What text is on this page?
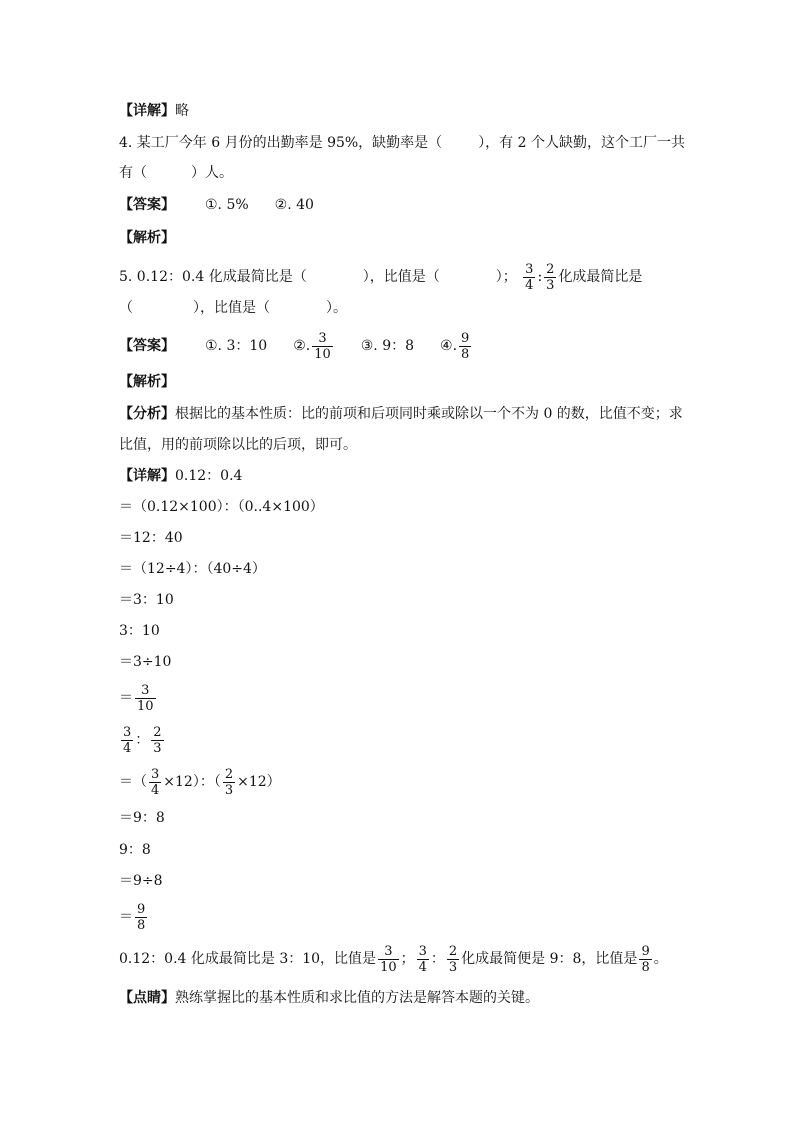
【详解】略
4. 某工厂今年 6 月份的出勤率是 95%，缺勤率是（	），有 2 个人缺勤，这个工厂一共
有（	）人。
【答案】 ①. 5% ②. 40
【解析】
5. 0.12：0.4 化成最简比是（	），比值是（	）； $\frac{3}{4}$ : $\frac{2}{3}$ 化成最简比是
（	），比值是（	）。
【答案】 ①. 3：10 ②. $\frac{3}{10}$ ③. 9：8 ④. $\frac{9}{8}$
【解析】
【分析】根据比的基本性质：比的前项和后项同时乘或除以一个不为 0 的数，比值不变；求
比值，用的前项除以比的后项，即可。
【详解】0.12：0.4
＝（0.12×100）：（0..4×100）
＝12：40
＝（12÷4）：（40÷4）
＝3：10
3：10
＝3÷10
＝ $\frac{3}{10}$
$\frac{3}{4}$ ： $\frac{2}{3}$
＝（ $\frac{3}{4} \times 12$）：（ $\frac{2}{3} \times 12$）
＝9：8
9：8
＝9÷8
＝ $\frac{9}{8}$
0.12：0.4 化成最简比是 3：10，比值是 $\frac{3}{10}$ ； $\frac{3}{4}$ ： $\frac{2}{3}$ 化成最简便是 9：8，比值是 $\frac{9}{8}$ 。
【点睛】熟练掌握比的基本性质和求比值的方法是解答本题的关键。
